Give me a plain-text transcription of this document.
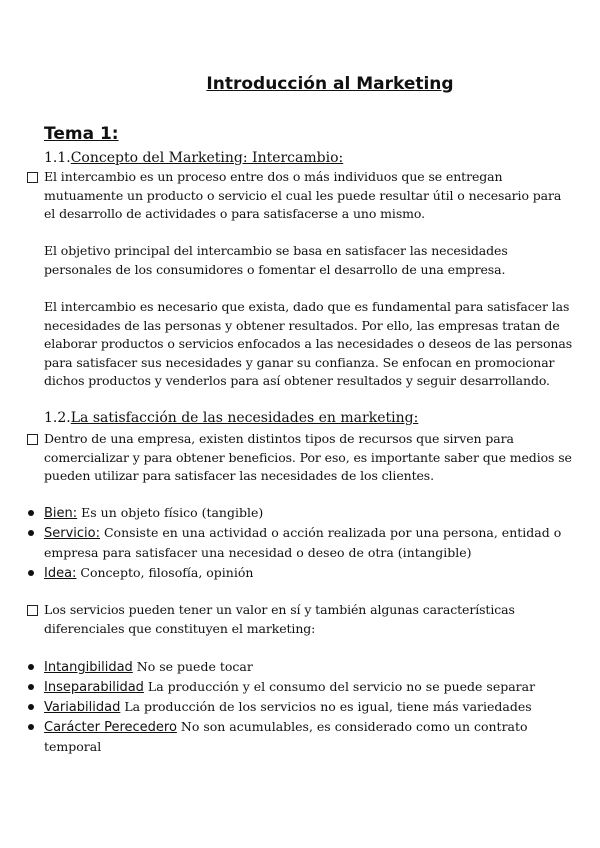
Introducción al Marketing
Tema 1:
1.1.Concepto del Marketing: Intercambio:
El intercambio es un proceso entre dos o más individuos que se entregan mutuamente un producto o servicio el cual les puede resultar útil o necesario para el desarrollo de actividades o para satisfacerse a uno mismo.
El objetivo principal del intercambio se basa en satisfacer las necesidades personales de los consumidores o fomentar el desarrollo de una empresa.
El intercambio es necesario que exista, dado que es fundamental para satisfacer las necesidades de las personas y obtener resultados. Por ello, las empresas tratan de elaborar productos o servicios enfocados a las necesidades o deseos de las personas para satisfacer sus necesidades y ganar su confianza. Se enfocan en promocionar dichos productos y venderlos para así obtener resultados y seguir desarrollando.
1.2.La satisfacción de las necesidades en marketing:
Dentro de una empresa, existen distintos tipos de recursos que sirven para comercializar y para obtener beneficios. Por eso, es importante saber que medios se pueden utilizar para satisfacer las necesidades de los clientes.
Bien: Es un objeto físico (tangible)
Servicio: Consiste en una actividad o acción realizada por una persona, entidad o empresa para satisfacer una necesidad o deseo de otra (intangible)
Idea: Concepto, filosofía, opinión
Los servicios pueden tener un valor en sí y también algunas características diferenciales que constituyen el marketing:
Intangibilidad No se puede tocar
Inseparabilidad La producción y el consumo del servicio no se puede separar
Variabilidad La producción de los servicios no es igual, tiene más variedades
Carácter Perecedero No son acumulables, es considerado como un contrato temporal
